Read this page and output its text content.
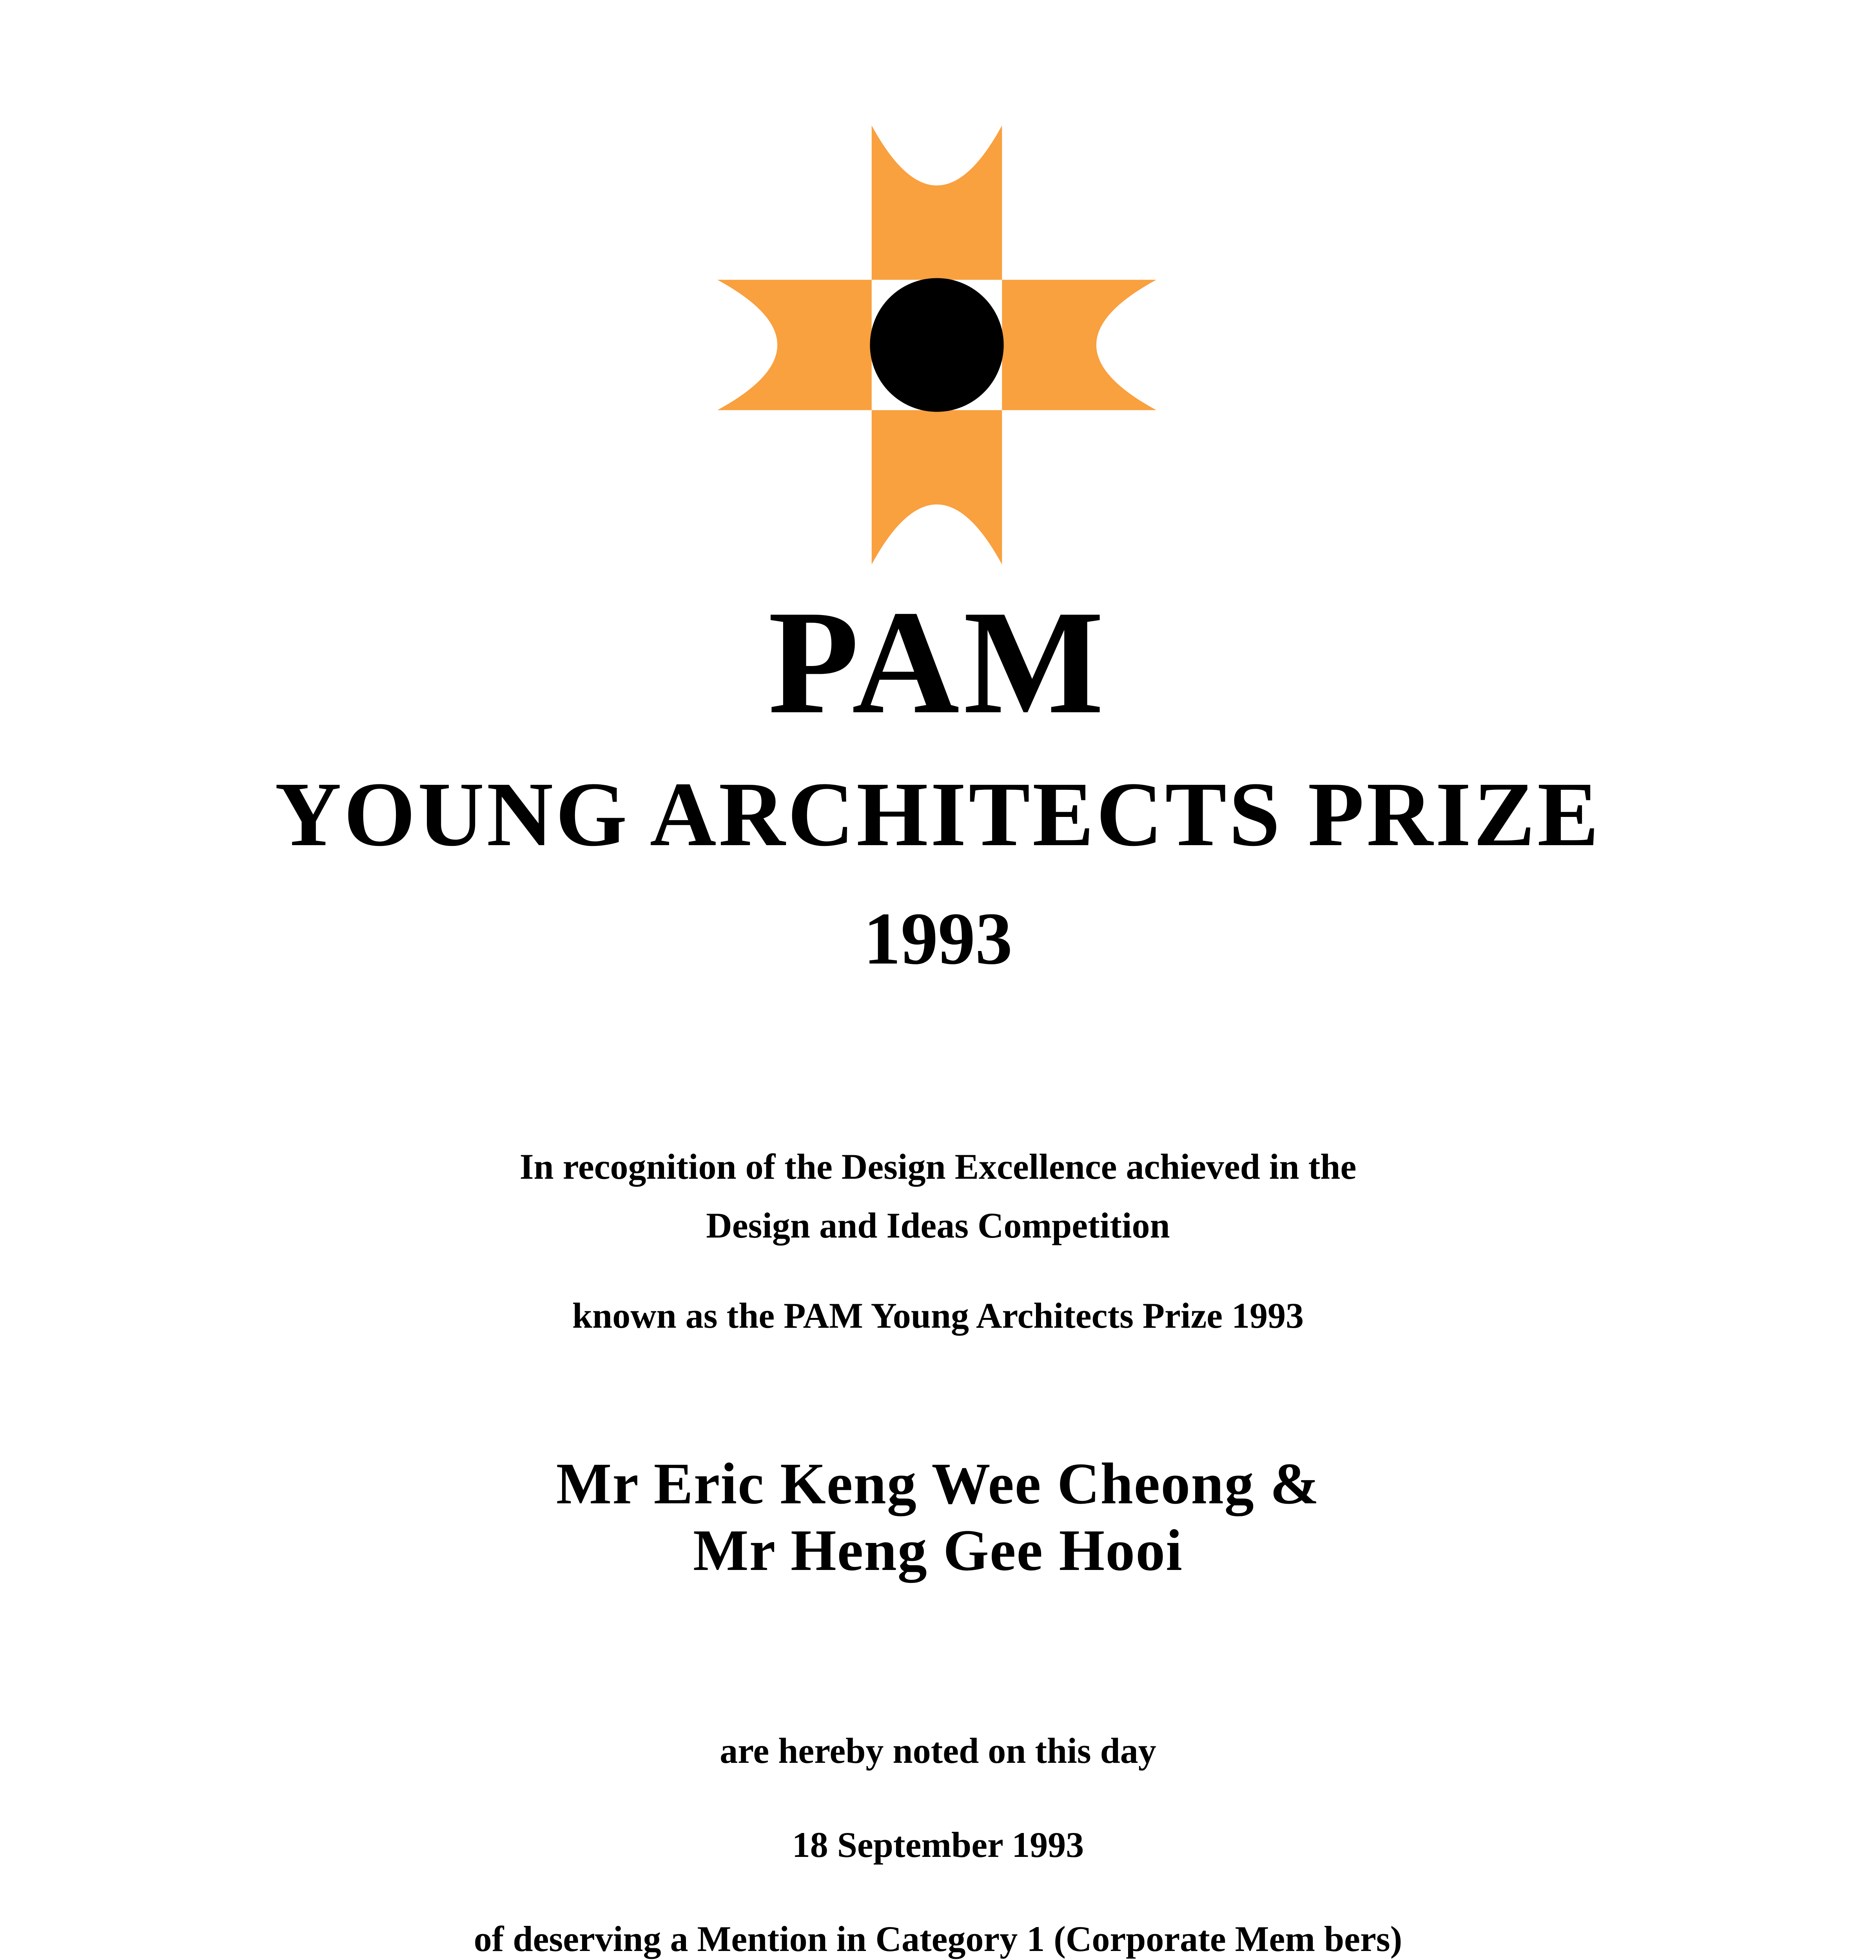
PAM
YOUNG ARCHITECTS PRIZE
1993
In recognition of the Design Excellence achieved in the
Design and Ideas Competition
known as the PAM Young Architects Prize 1993
Mr Eric Keng Wee Cheong &
Mr Heng Gee Hooi
are hereby noted on this day
18 September 1993
of deserving a Mention in Category 1 (Corporate Mem bers)
